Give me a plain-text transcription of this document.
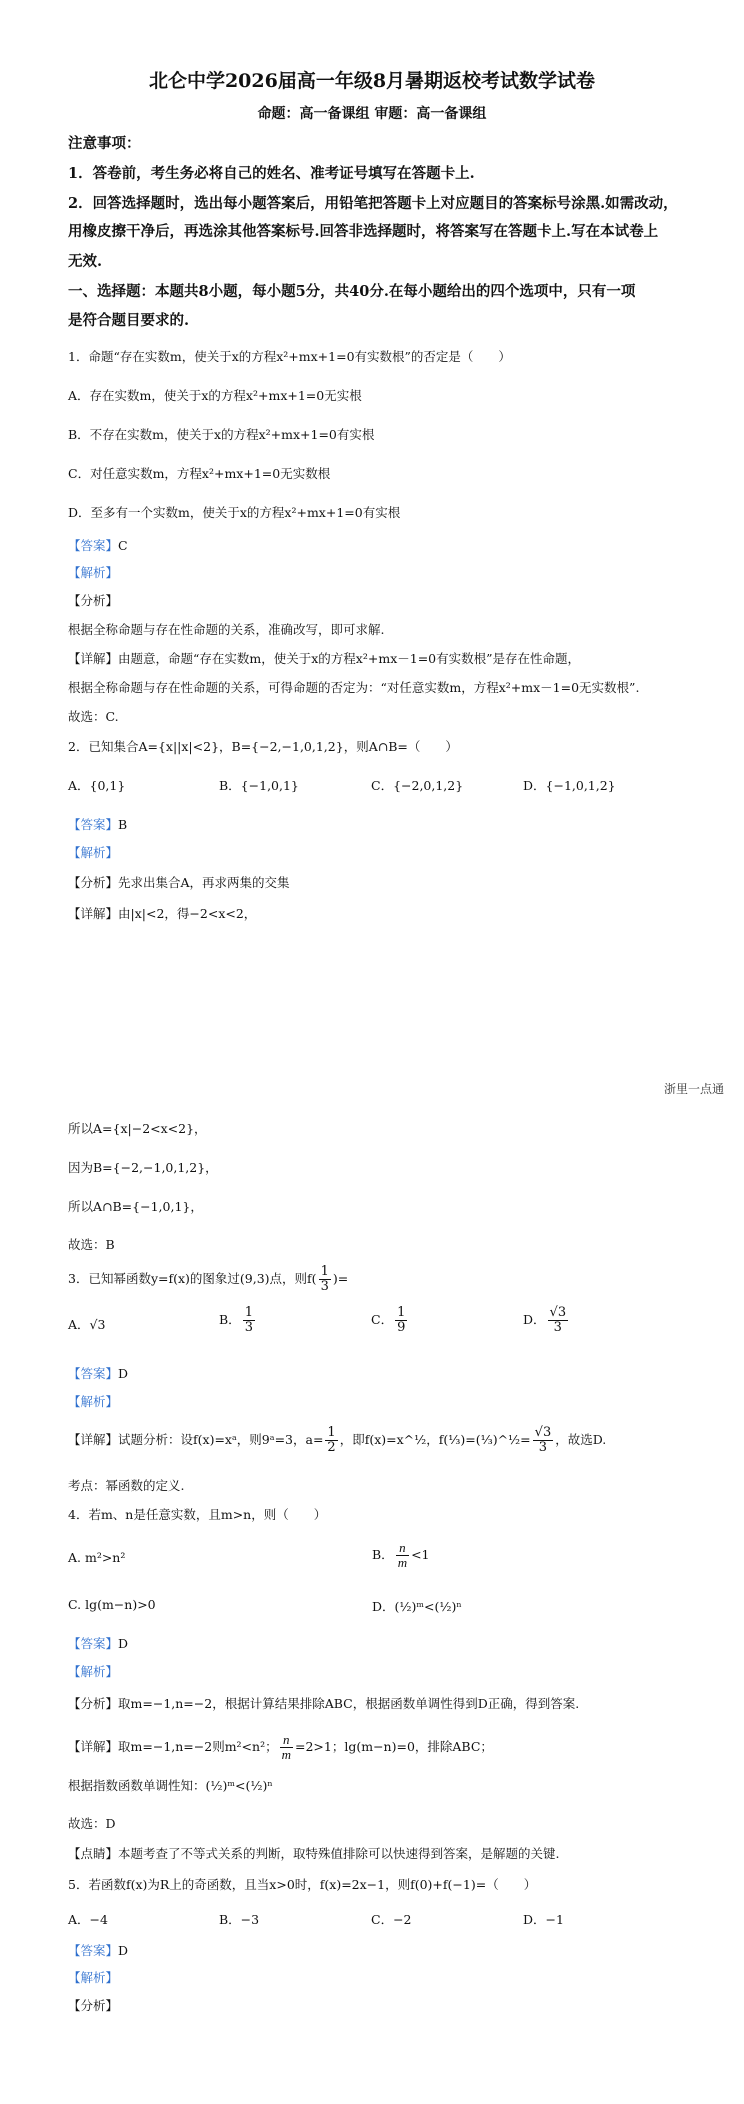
北仑中学2026届高一年级8月暑期返校考试数学试卷
命题：高一备课组 审题：高一备课组
注意事项：
1．答卷前，考生务必将自己的姓名、准考证号填写在答题卡上.
2．回答选择题时，选出每小题答案后，用铅笔把答题卡上对应题目的答案标号涂黑.如需改动，
用橡皮擦干净后，再选涂其他答案标号.回答非选择题时，将答案写在答题卡上.写在本试卷上
无效.
一、选择题：本题共8小题，每小题5分，共40分.在每小题给出的四个选项中，只有一项
是符合题目要求的.
1．命题“存在实数m，使关于x的方程x²+mx+1=0有实数根”的否定是（　　）
A．存在实数m，使关于x的方程x²+mx+1=0无实根
B．不存在实数m，使关于x的方程x²+mx+1=0有实根
C．对任意实数m，方程x²+mx+1=0无实数根
D．至多有一个实数m，使关于x的方程x²+mx+1=0有实根
【答案】C
【解析】
【分析】
根据全称命题与存在性命题的关系，准确改写，即可求解.
【详解】由题意，命题“存在实数m，使关于x的方程x²+mx－1=0有实数根”是存在性命题，
根据全称命题与存在性命题的关系，可得命题的否定为：“对任意实数m，方程x²+mx－1=0无实数根”.
故选：C.
2．已知集合A={x||x|<2}，B={−2,−1,0,1,2}，则A∩B=（　　）
A．{0,1}	B．{−1,0,1}	C．{−2,0,1,2}	D．{−1,0,1,2}
【答案】B
【解析】
【分析】先求出集合A，再求两集的交集
【详解】由|x|<2，得−2<x<2，
浙里一点通
所以A={x|−2<x<2}，
因为B={−2,−1,0,1,2}，
所以A∩B={−1,0,1}，
故选：B
3．已知幂函数y=f(x)的图象过(9,3)点，则$f( \frac{1}{3}$ )=
A．√3	B． $\frac{1}{3}$	C． $\frac{1}{9}$	D． $\frac{√3}{3}$
【答案】D
【解析】
【详解】试题分析：设f(x)=xᵃ，则9ᵃ=3，$a= \frac{1}{2}$ ，即f(x)=x^½，f(⅓)=(⅓)^½= $\frac{√3}{3}$ ，故选D.
考点：幂函数的定义.
4．若m、n是任意实数，且m>n，则（　　）
A. m²>n²	B． $\frac{n}{m} <1$
C. lg(m−n)>0	D．(½)ᵐ<(½)ⁿ
【答案】D
【解析】
【分析】取m=−1,n=−2，根据计算结果排除ABC，根据函数单调性得到D正确，得到答案.
【详解】取m=−1,n=−2则m²<n²； $\frac{n}{m} =2>1$；lg(m−n)=0，排除ABC；
根据指数函数单调性知：(½)ᵐ<(½)ⁿ
故选：D
【点睛】本题考查了不等式关系的判断，取特殊值排除可以快速得到答案，是解题的关键.
5．若函数f(x)为R上的奇函数，且当x>0时，f(x)=2x−1，则f(0)+f(−1)=（　　）
A．−4	B．−3	C．−2	D．−1
【答案】D
【解析】
【分析】
